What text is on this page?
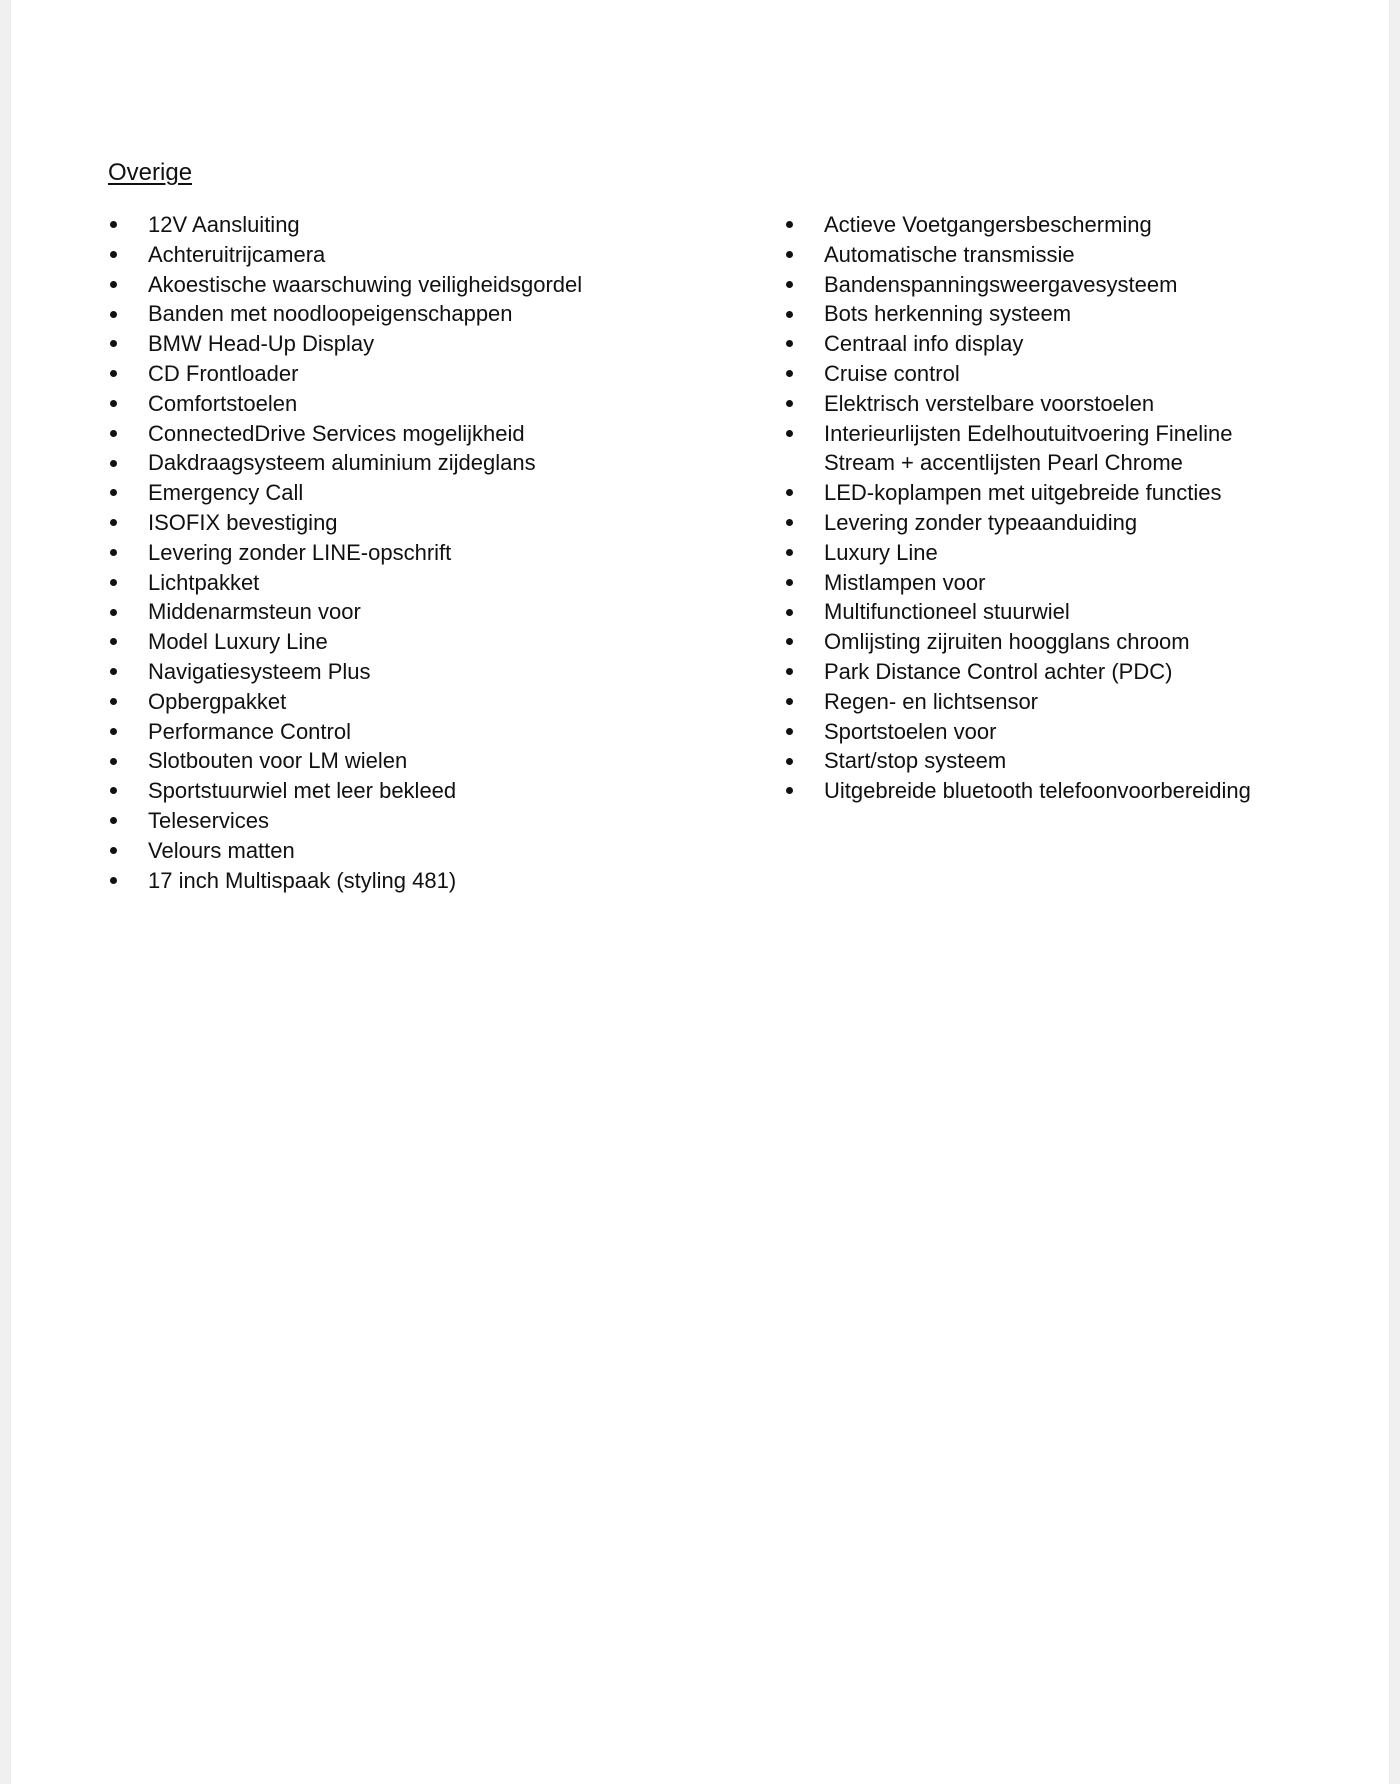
Overige
12V Aansluiting
Achteruitrijcamera
Akoestische waarschuwing veiligheidsgordel
Banden met noodloopeigenschappen
BMW Head-Up Display
CD Frontloader
Comfortstoelen
ConnectedDrive Services mogelijkheid
Dakdraagsysteem aluminium zijdeglans
Emergency Call
ISOFIX bevestiging
Levering zonder LINE-opschrift
Lichtpakket
Middenarmsteun voor
Model Luxury Line
Navigatiesysteem Plus
Opbergpakket
Performance Control
Slotbouten voor LM wielen
Sportstuurwiel met leer bekleed
Teleservices
Velours matten
17 inch Multispaak (styling 481)
Actieve Voetgangersbescherming
Automatische transmissie
Bandenspanningsweergavesysteem
Bots herkenning systeem
Centraal info display
Cruise control
Elektrisch verstelbare voorstoelen
Interieurlijsten Edelhoutuitvoering Fineline Stream + accentlijsten Pearl Chrome
LED-koplampen met uitgebreide functies
Levering zonder typeaanduiding
Luxury Line
Mistlampen voor
Multifunctioneel stuurwiel
Omlijsting zijruiten hoogglans chroom
Park Distance Control achter (PDC)
Regen- en lichtsensor
Sportstoelen voor
Start/stop systeem
Uitgebreide bluetooth telefoonvoorbereiding
